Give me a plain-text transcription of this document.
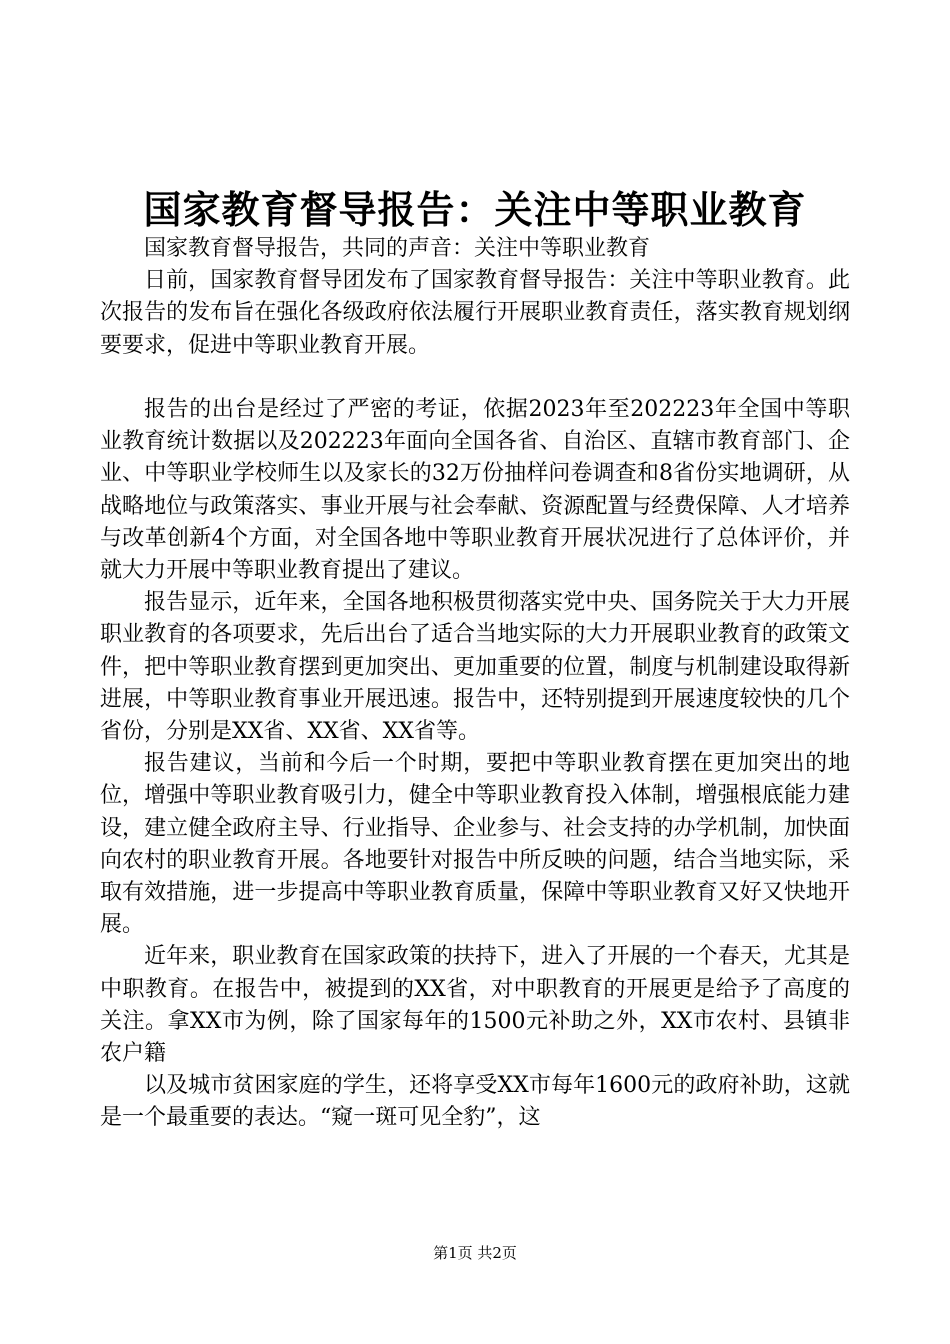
国家教育督导报告：关注中等职业教育

国家教育督导报告，共同的声音：关注中等职业教育

日前，国家教育督导团发布了国家教育督导报告：关注中等职业教育。此次报告的发布旨在强化各级政府依法履行开展职业教育责任，落实教育规划纲要要求，促进中等职业教育开展。

报告的出台是经过了严密的考证，依据2023年至202223年全国中等职业教育统计数据以及202223年面向全国各省、自治区、直辖市教育部门、企业、中等职业学校师生以及家长的32万份抽样问卷调查和8省份实地调研，从战略地位与政策落实、事业开展与社会奉献、资源配置与经费保障、人才培养与改革创新4个方面，对全国各地中等职业教育开展状况进行了总体评价，并就大力开展中等职业教育提出了建议。

报告显示，近年来，全国各地积极贯彻落实党中央、国务院关于大力开展职业教育的各项要求，先后出台了适合当地实际的大力开展职业教育的政策文件，把中等职业教育摆到更加突出、更加重要的位置，制度与机制建设取得新进展，中等职业教育事业开展迅速。报告中，还特别提到开展速度较快的几个省份，分别是XX省、XX省、XX省等。

报告建议，当前和今后一个时期，要把中等职业教育摆在更加突出的地位，增强中等职业教育吸引力，健全中等职业教育投入体制，增强根底能力建设，建立健全政府主导、行业指导、企业参与、社会支持的办学机制，加快面向农村的职业教育开展。各地要针对报告中所反映的问题，结合当地实际，采取有效措施，进一步提高中等职业教育质量，保障中等职业教育又好又快地开展。

近年来，职业教育在国家政策的扶持下，进入了开展的一个春天，尤其是中职教育。在报告中，被提到的XX省，对中职教育的开展更是给予了高度的关注。拿XX市为例，除了国家每年的1500元补助之外，XX市农村、县镇非农户籍

以及城市贫困家庭的学生，还将享受XX市每年1600元的政府补助，这就是一个最重要的表达。“窥一斑可见全豹”，这

第1页 共2页
